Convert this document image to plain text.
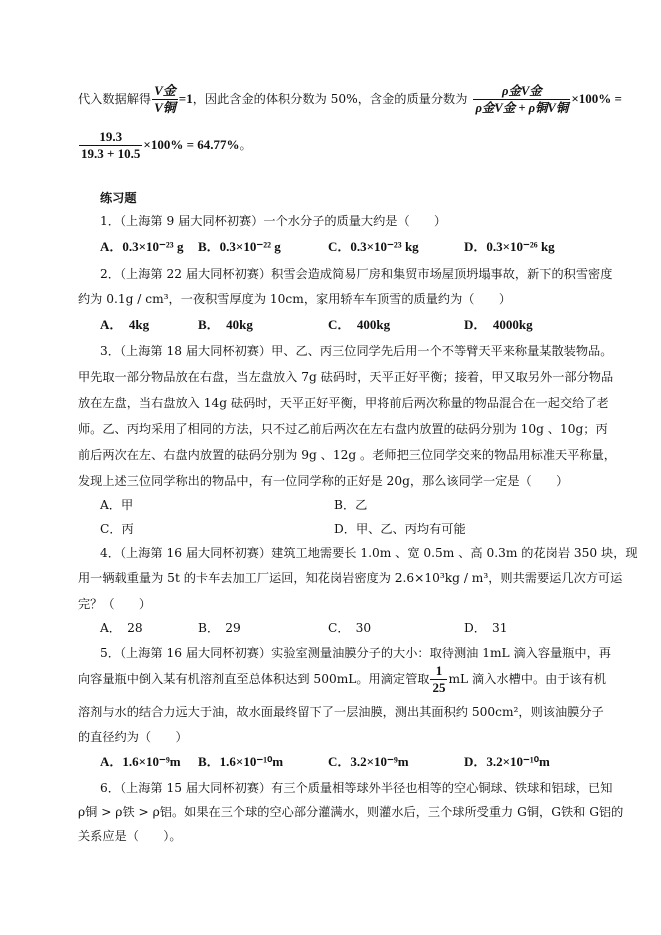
代入数据解得 $\frac{\text{V金}}{\text{V铜}} =1$，因此含金的体积分数为 50%，含金的质量分数为 $\frac{\text{ρ金V金}}{\text{ρ金V金 + ρ铜V铜}} \times 100\%$ =
$\frac{19.3}{19.3 + 10.5} \times 100\% = 64.77\%$。
练习题
1．（上海第 9 届大同杯初赛）一个水分子的质量大约是（　　）
A．0.3×10⁻²³ g B．0.3×10⁻²² g	C．0.3×10⁻²³ kg	D．0.3×10⁻²⁶ kg
2．（上海第 22 届大同杯初赛）积雪会造成简易厂房和集贸市场屋顶坍塌事故，新下的积雪密度
约为 0.1g / cm³，一夜积雪厚度为 10cm，家用轿车车顶雪的质量约为（　　）
A．　4kg	B．　40kg	C．　400kg	D．　4000kg
3．（上海第 18 届大同杯初赛）甲、乙、丙三位同学先后用一个不等臂天平来称量某散装物品。
甲先取一部分物品放在右盘，当左盘放入 7g 砝码时，天平正好平衡；接着，甲又取另外一部分物品
放在左盘，当右盘放入 14g 砝码时，天平正好平衡，甲将前后两次称量的物品混合在一起交给了老
师。乙、丙均采用了相同的方法，只不过乙前后两次在左右盘内放置的砝码分别为 10g 、10g；丙
前后两次在左、右盘内放置的砝码分别为 9g 、12g 。老师把三位同学交来的物品用标准天平称量，
发现上述三位同学称出的物品中，有一位同学称的正好是 20g，那么该同学一定是（　　）
A．甲	B．乙
C．丙	D．甲、乙、丙均有可能
4．（上海第 16 届大同杯初赛）建筑工地需要长 1.0m 、宽 0.5m 、高 0.3m 的花岗岩 350 块，现
用一辆载重量为 5t 的卡车去加工厂运回，知花岗岩密度为 2.6×10³kg / m³，则共需要运几次方可运
完？（　　）
A．　28	B．　29	C．　30	D．　31
5．（上海第 16 届大同杯初赛）实验室测量油膜分子的大小：取待测油 1mL 滴入容量瓶中，再
向容量瓶中倒入某有机溶剂直至总体积达到 500mL。用滴定管取 $\frac{1}{25}$ mL 滴入水槽中。由于该有机
溶剂与水的结合力远大于油，故水面最终留下了一层油膜，测出其面积约 500cm²，则该油膜分子
的直径约为（　　）
A．1.6×10⁻⁹m B．1.6×10⁻¹⁰m	C．3.2×10⁻⁹m	D．3.2×10⁻¹⁰m
6．（上海第 15 届大同杯初赛）有三个质量相等球外半径也相等的空心铜球、铁球和铝球，已知
ρ铜 > ρ铁 > ρ铝。如果在三个球的空心部分灌满水，则灌水后，三个球所受重力 G铜，G铁和 G铝的
关系应是（　　）。
